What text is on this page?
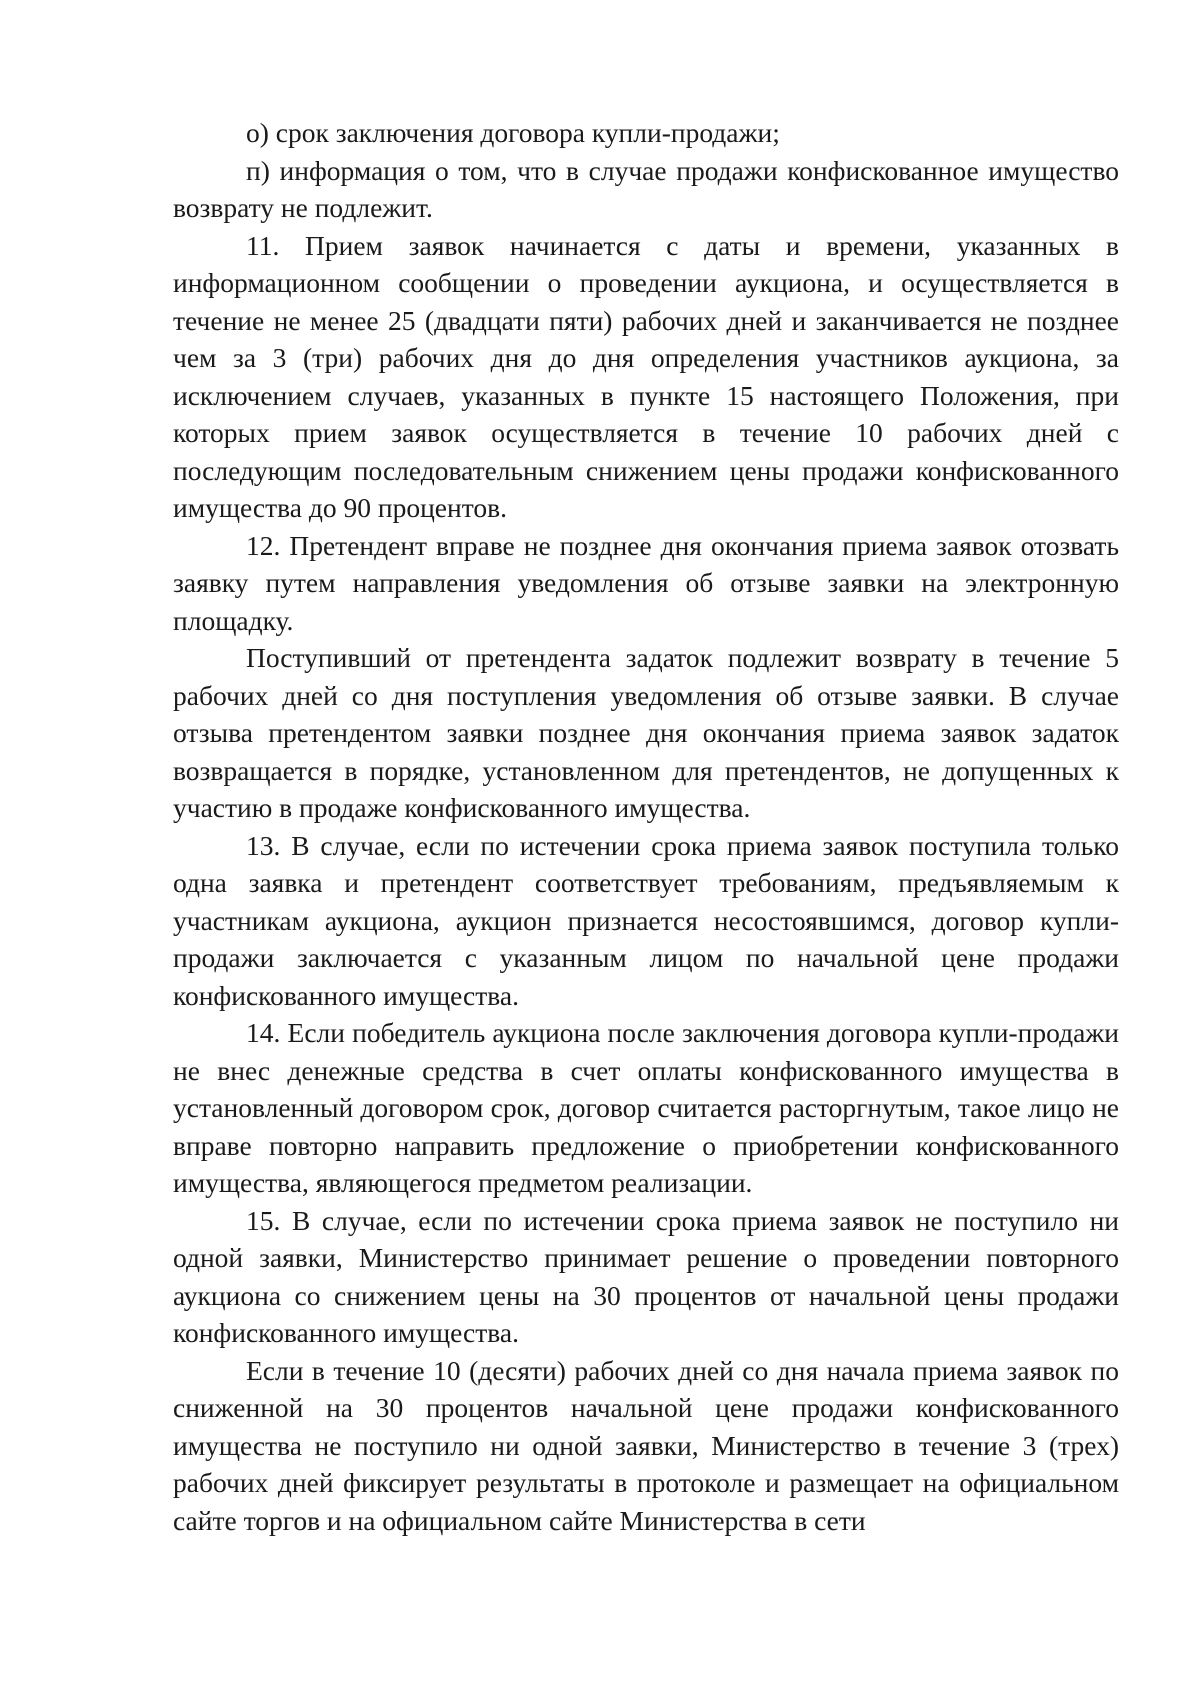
о) срок заключения договора купли-продажи;

п) информация о том, что в случае продажи конфискованное имущество возврату не подлежит.

11. Прием заявок начинается с даты и времени, указанных в информационном сообщении о проведении аукциона, и осуществляется в течение не менее 25 (двадцати пяти) рабочих дней и заканчивается не позднее чем за 3 (три) рабочих дня до дня определения участников аукциона, за исключением случаев, указанных в пункте 15 настоящего Положения, при которых прием заявок осуществляется в течение 10 рабочих дней с последующим последовательным снижением цены продажи конфискованного имущества до 90 процентов.

12. Претендент вправе не позднее дня окончания приема заявок отозвать заявку путем направления уведомления об отзыве заявки на электронную площадку.

Поступивший от претендента задаток подлежит возврату в течение 5 рабочих дней со дня поступления уведомления об отзыве заявки. В случае отзыва претендентом заявки позднее дня окончания приема заявок задаток возвращается в порядке, установленном для претендентов, не допущенных к участию в продаже конфискованного имущества.

13. В случае, если по истечении срока приема заявок поступила только одна заявка и претендент соответствует требованиям, предъявляемым к участникам аукциона, аукцион признается несостоявшимся, договор купли-продажи заключается с указанным лицом по начальной цене продажи конфискованного имущества.

14. Если победитель аукциона после заключения договора купли-продажи не внес денежные средства в счет оплаты конфискованного имущества в установленный договором срок, договор считается расторгнутым, такое лицо не вправе повторно направить предложение о приобретении конфискованного имущества, являющегося предметом реализации.

15. В случае, если по истечении срока приема заявок не поступило ни одной заявки, Министерство принимает решение о проведении повторного аукциона со снижением цены на 30 процентов от начальной цены продажи конфискованного имущества.

Если в течение 10 (десяти) рабочих дней со дня начала приема заявок по сниженной на 30 процентов начальной цене продажи конфискованного имущества не поступило ни одной заявки, Министерство в течение 3 (трех) рабочих дней фиксирует результаты в протоколе и размещает на официальном сайте торгов и на официальном сайте Министерства в сети
